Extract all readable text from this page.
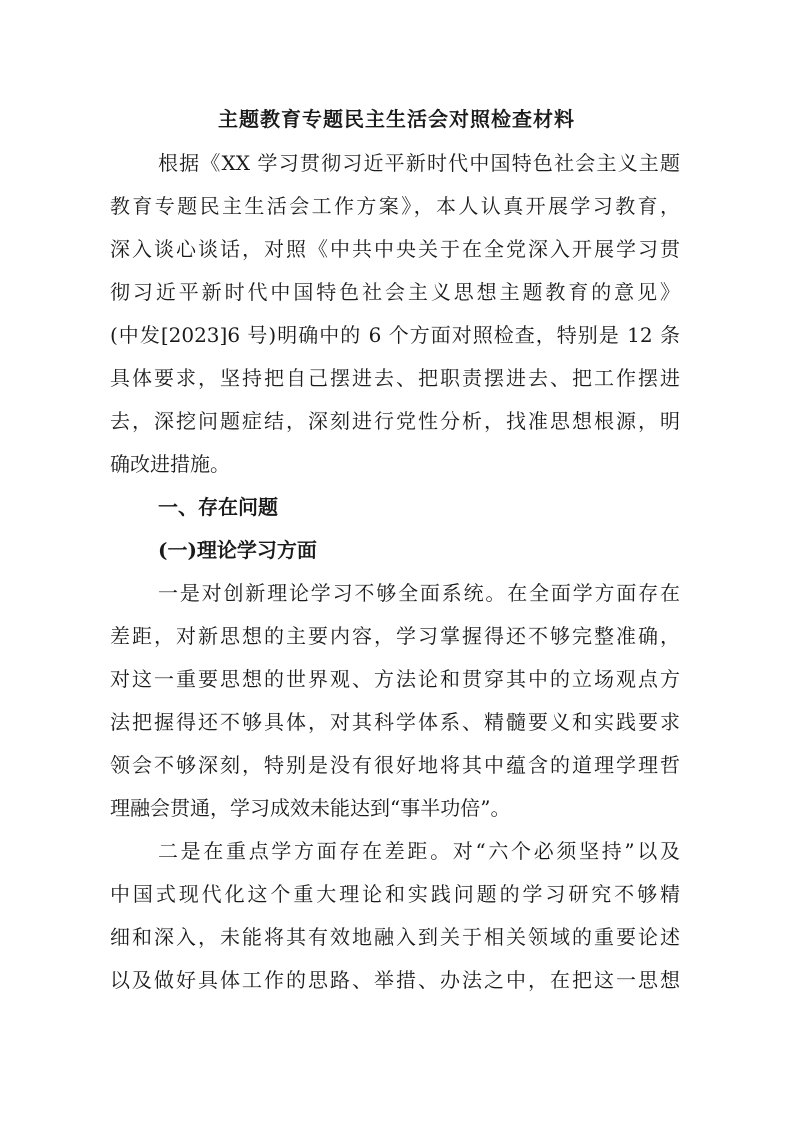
主题教育专题民主生活会对照检查材料

根据《XX 学习贯彻习近平新时代中国特色社会主义主题

教育专题民主生活会工作方案》，本人认真开展学习教育，

深入谈心谈话，对照《中共中央关于在全党深入开展学习贯

彻习近平新时代中国特色社会主义思想主题教育的意见》

(中发[2023]6 号)明确中的 6 个方面对照检查，特别是 12 条

具体要求，坚持把自己摆进去、把职责摆进去、把工作摆进

去，深挖问题症结，深刻进行党性分析，找准思想根源，明

确改进措施。

一、存在问题

(一)理论学习方面

一是对创新理论学习不够全面系统。在全面学方面存在

差距，对新思想的主要内容，学习掌握得还不够完整准确，

对这一重要思想的世界观、方法论和贯穿其中的立场观点方

法把握得还不够具体，对其科学体系、精髓要义和实践要求

领会不够深刻，特别是没有很好地将其中蕴含的道理学理哲

理融会贯通，学习成效未能达到“事半功倍”。

二是在重点学方面存在差距。对“六个必须坚持”以及

中国式现代化这个重大理论和实践问题的学习研究不够精

细和深入，未能将其有效地融入到关于相关领域的重要论述

以及做好具体工作的思路、举措、办法之中，在把这一思想
